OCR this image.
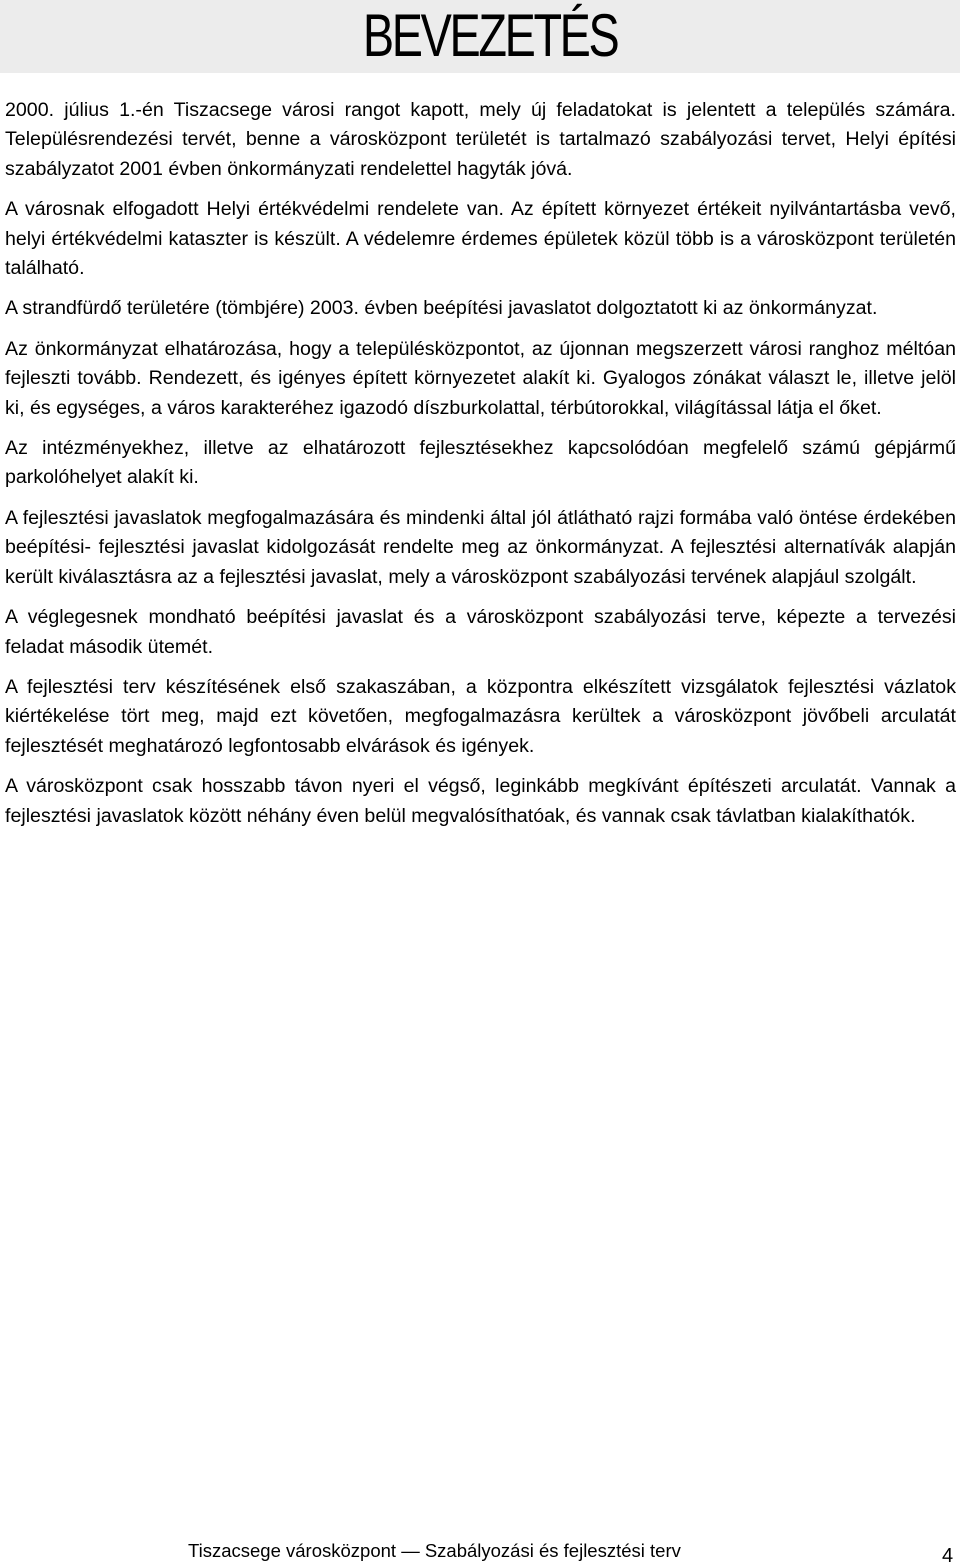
BEVEZETÉS

2000. július 1.-én Tiszacsege városi rangot kapott, mely új feladatokat is jelentett a település számára. Településrendezési tervét, benne a városközpont területét is tartalmazó szabályozási tervet, Helyi építési szabályzatot 2001 évben önkormányzati rendelettel hagyták jóvá.

A városnak elfogadott Helyi értékvédelmi rendelete van. Az épített környezet értékeit nyilvántartásba vevő, helyi értékvédelmi kataszter is készült. A védelemre érdemes épületek közül több is a városközpont területén található.

A strandfürdő területére (tömbjére) 2003. évben beépítési javaslatot dolgoztatott ki az önkormányzat.

Az önkormányzat elhatározása, hogy a településközpontot, az újonnan megszerzett városi ranghoz méltóan fejleszti tovább. Rendezett, és igényes épített környezetet alakít ki. Gyalogos zónákat választ le, illetve jelöl ki, és egységes, a város karakteréhez igazodó díszburkolattal, térbútorokkal, világítással látja el őket.

Az intézményekhez, illetve az elhatározott fejlesztésekhez kapcsolódóan megfelelő számú gépjármű parkolóhelyet alakít ki.

A fejlesztési javaslatok megfogalmazására és mindenki által jól átlátható rajzi formába való öntése érdekében beépítési- fejlesztési javaslat kidolgozását rendelte meg az önkormányzat. A fejlesztési alternatívák alapján került kiválasztásra az a fejlesztési javaslat, mely a városközpont szabályozási tervének alapjául szolgált.

A véglegesnek mondható beépítési javaslat és a városközpont szabályozási terve, képezte a tervezési feladat második ütemét.

A fejlesztési terv készítésének első szakaszában, a központra elkészített vizsgálatok fejlesztési vázlatok kiértékelése tört meg, majd ezt követően, megfogalmazásra kerültek a városközpont jövőbeli arculatát fejlesztését meghatározó legfontosabb elvárások és igények.

A városközpont csak hosszabb távon nyeri el végső, leginkább megkívánt építészeti arculatát. Vannak a fejlesztési javaslatok között néhány éven belül megvalósíthatóak, és vannak csak távlatban kialakíthatók.

Tiszacsege városközpont — Szabályozási és fejlesztési terv	4
